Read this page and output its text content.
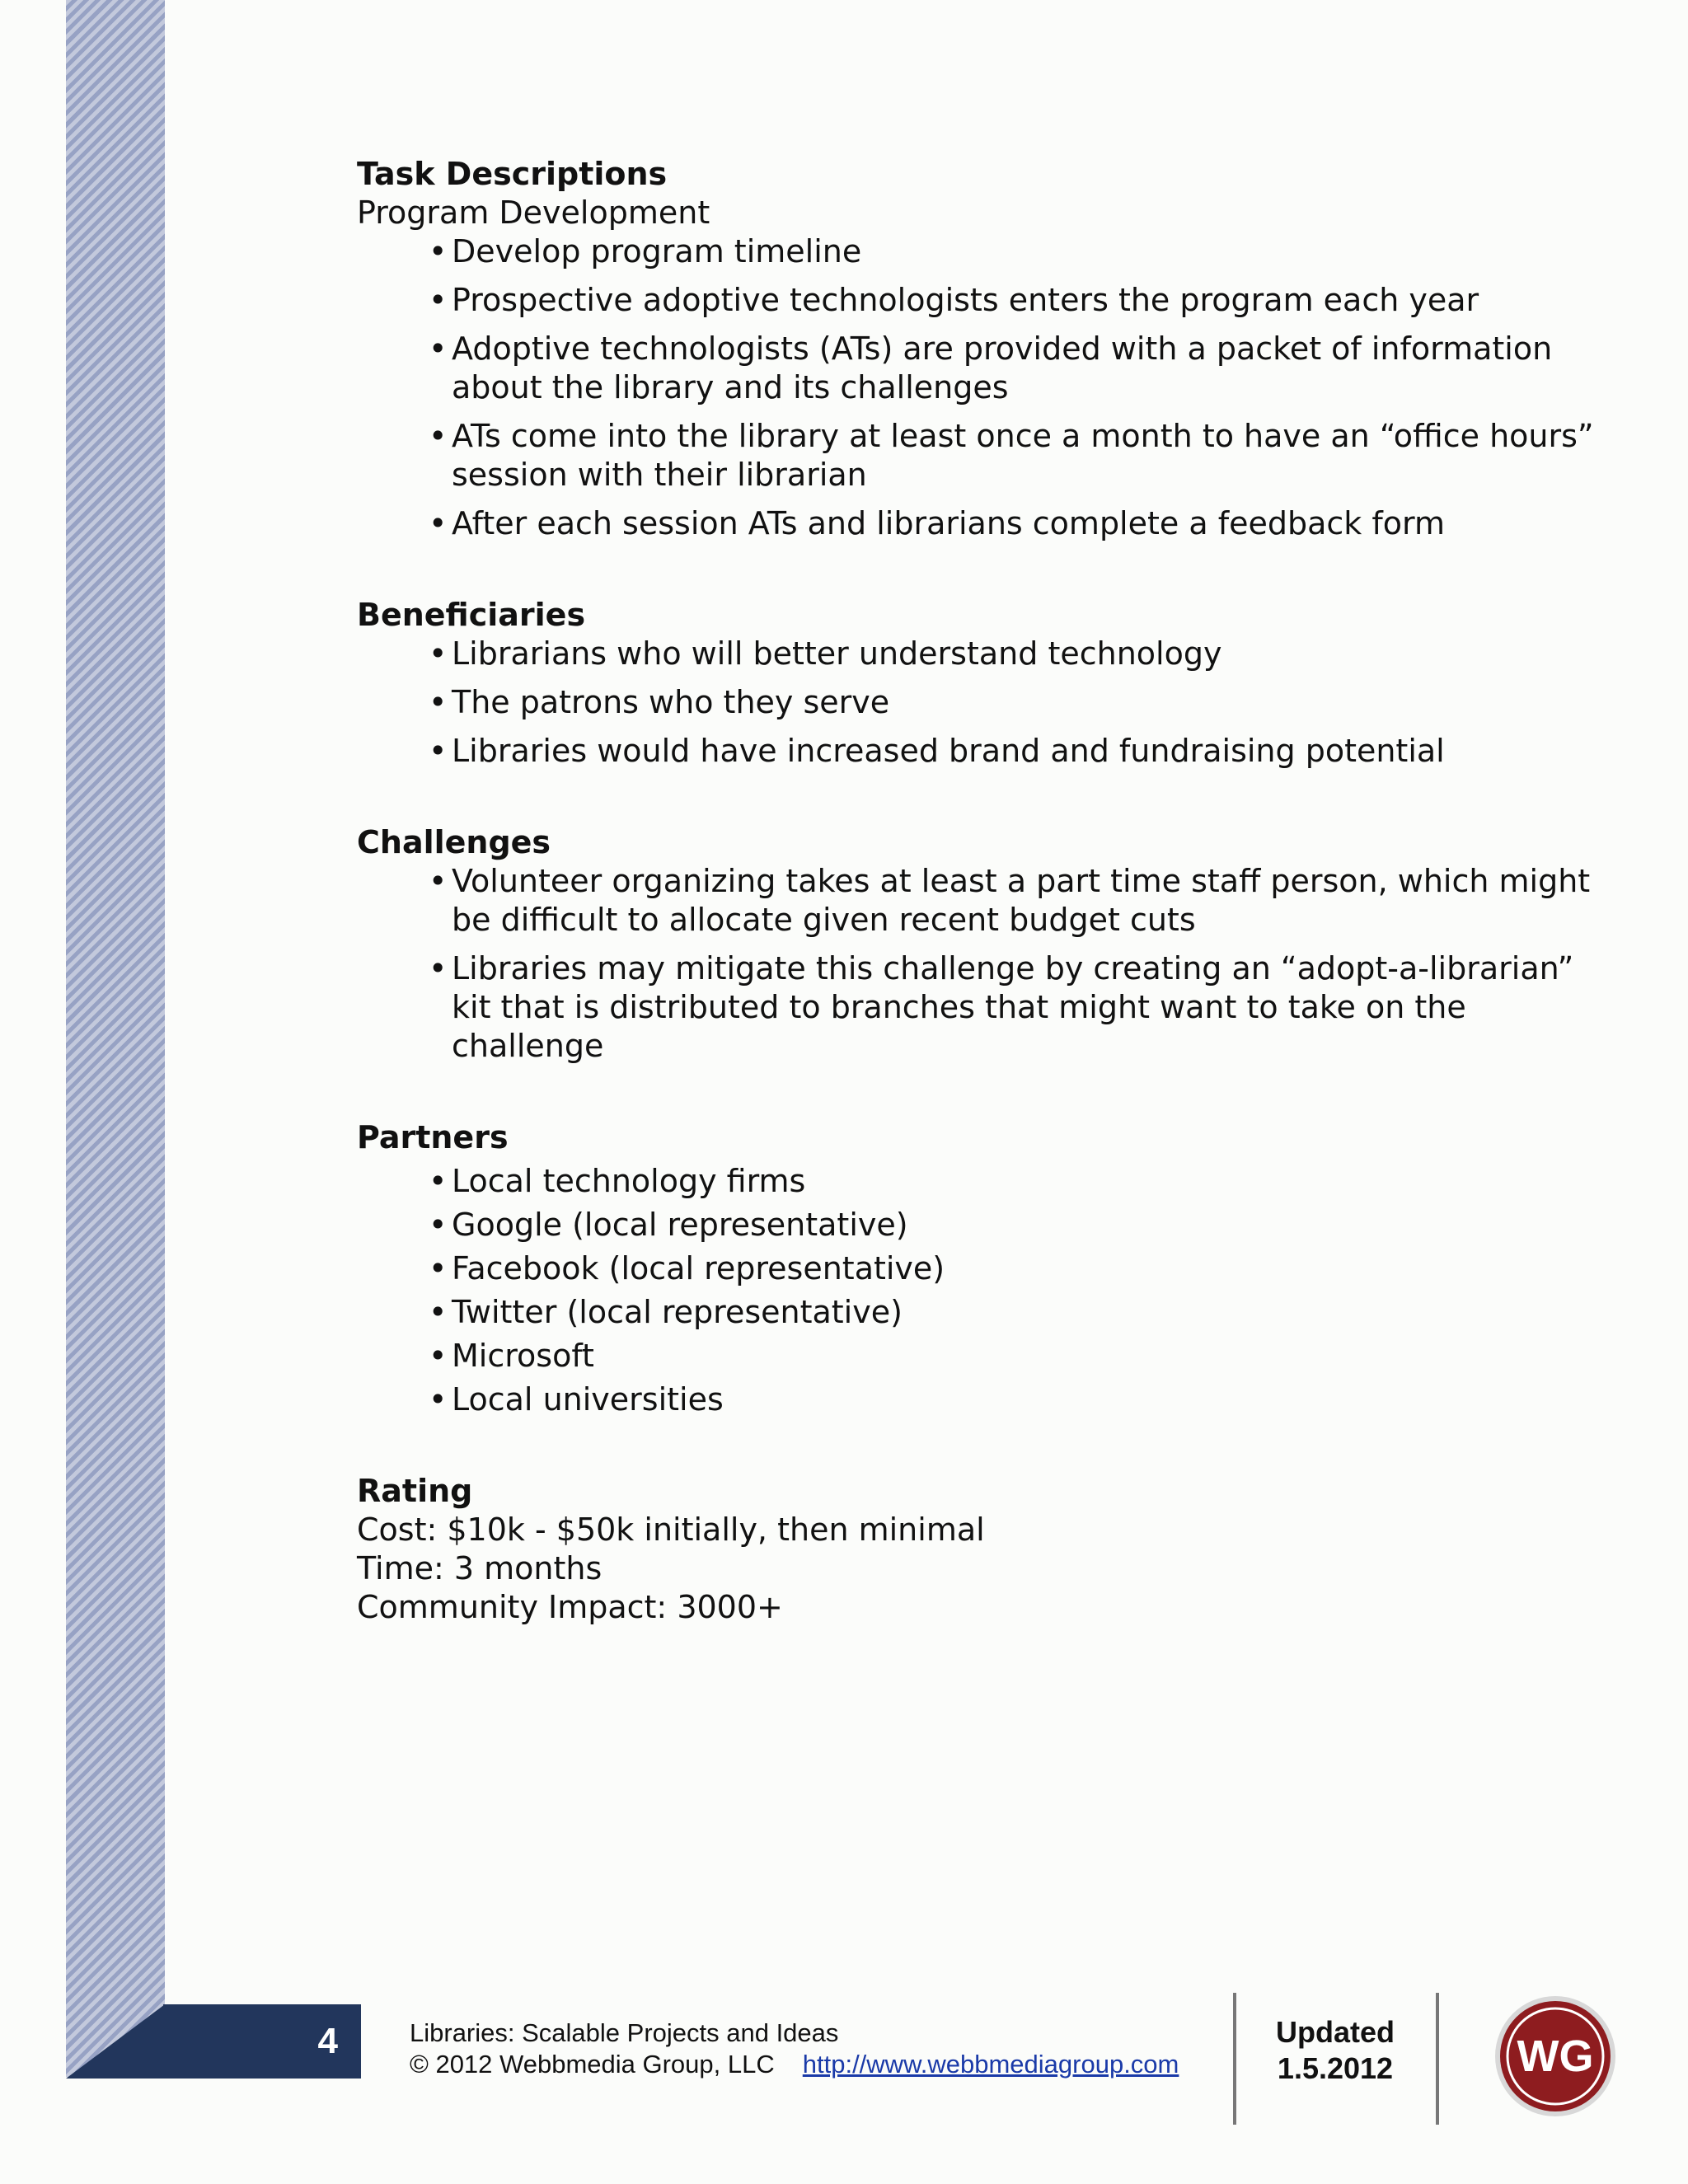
4

Task Descriptions

Program Development

• Develop program timeline
• Prospective adoptive technologists enters the program each year
• Adoptive technologists (ATs) are provided with a packet of information about the library and its challenges
• ATs come into the library at least once a month to have an “office hours” session with their librarian
• After each session ATs and librarians complete a feedback form

Beneficiaries

• Librarians who will better understand technology
• The patrons who they serve
• Libraries would have increased brand and fundraising potential

Challenges

• Volunteer organizing takes at least a part time staff person, which might be difficult to allocate given recent budget cuts
• Libraries may mitigate this challenge by creating an “adopt-a-librarian” kit that is distributed to branches that might want to take on the challenge

Partners

• Local technology firms
• Google (local representative)
• Facebook (local representative)
• Twitter (local representative)
• Microsoft
• Local universities

Rating

Cost: $10k - $50k initially, then minimal

Time: 3 months

Community Impact: 3000+

Libraries: Scalable Projects and Ideas
© 2012 Webbmedia Group, LLC http://www.webbmediagroup.com
Updated
1.5.2012	WG
